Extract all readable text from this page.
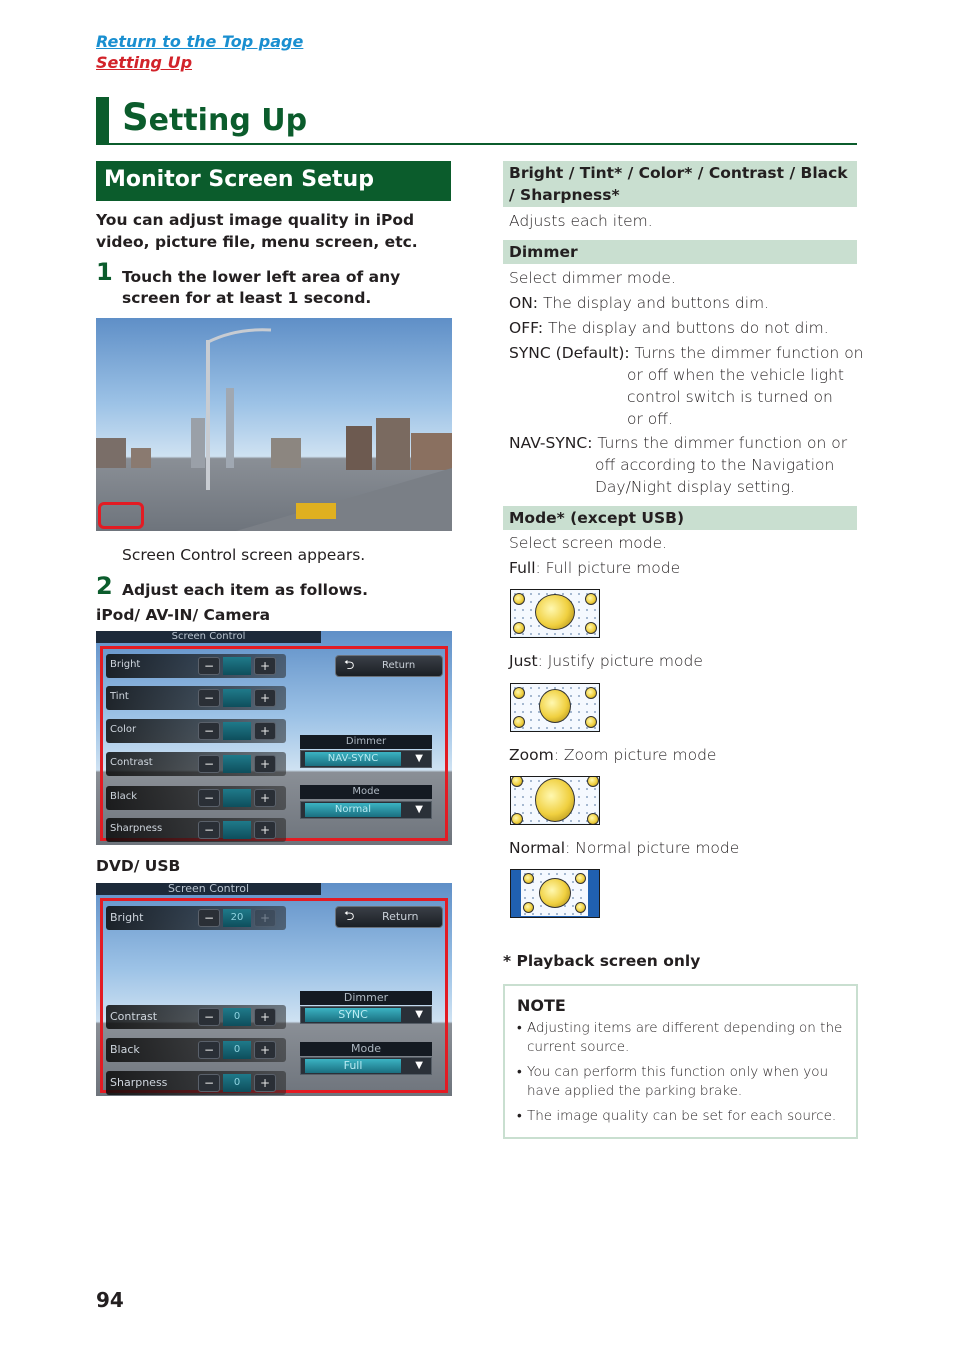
Return to the Top page
Setting Up
Setting Up
Monitor Screen Setup
You can adjust image quality in iPod video, picture file, menu screen, etc.
1 Touch the lower left area of any screen for at least 1 second.
Screen Control screen appears.
2 Adjust each item as follows.
iPod/ AV-IN/ Camera
Screen Control
Bright	−	+
Tint	−	+
Color	−	+
Contrast	−	+
Black	−	+
Sharpness	−	+
⮌	Return
Dimmer
NAV-SYNC	▼
Mode
Normal	▼
DVD/ USB
Screen Control
Bright	−	20	+
Contrast	−	0	+
Black	−	0	+
Sharpness	−	0	+
⮌	Return
Dimmer
SYNC	▼
Mode
Full	▼
Bright / Tint* / Color* / Contrast / Black / Sharpness*
Adjusts each item.
Dimmer
Select dimmer mode.
ON: The display and buttons dim.
OFF: The display and buttons do not dim.
SYNC (Default): Turns the dimmer function on
or off when the vehicle light
control switch is turned on
or off.
NAV-SYNC: Turns the dimmer function on or
off according to the Navigation
Day/Night display setting.
Mode* (except USB)
Select screen mode.
Full: Full picture mode
Just: Justify picture mode
Zoom: Zoom picture mode
Normal: Normal picture mode
* Playback screen only
NOTE
• Adjusting items are different depending on the current source.
• You can perform this function only when you have applied the parking brake.
• The image quality can be set for each source.
94
